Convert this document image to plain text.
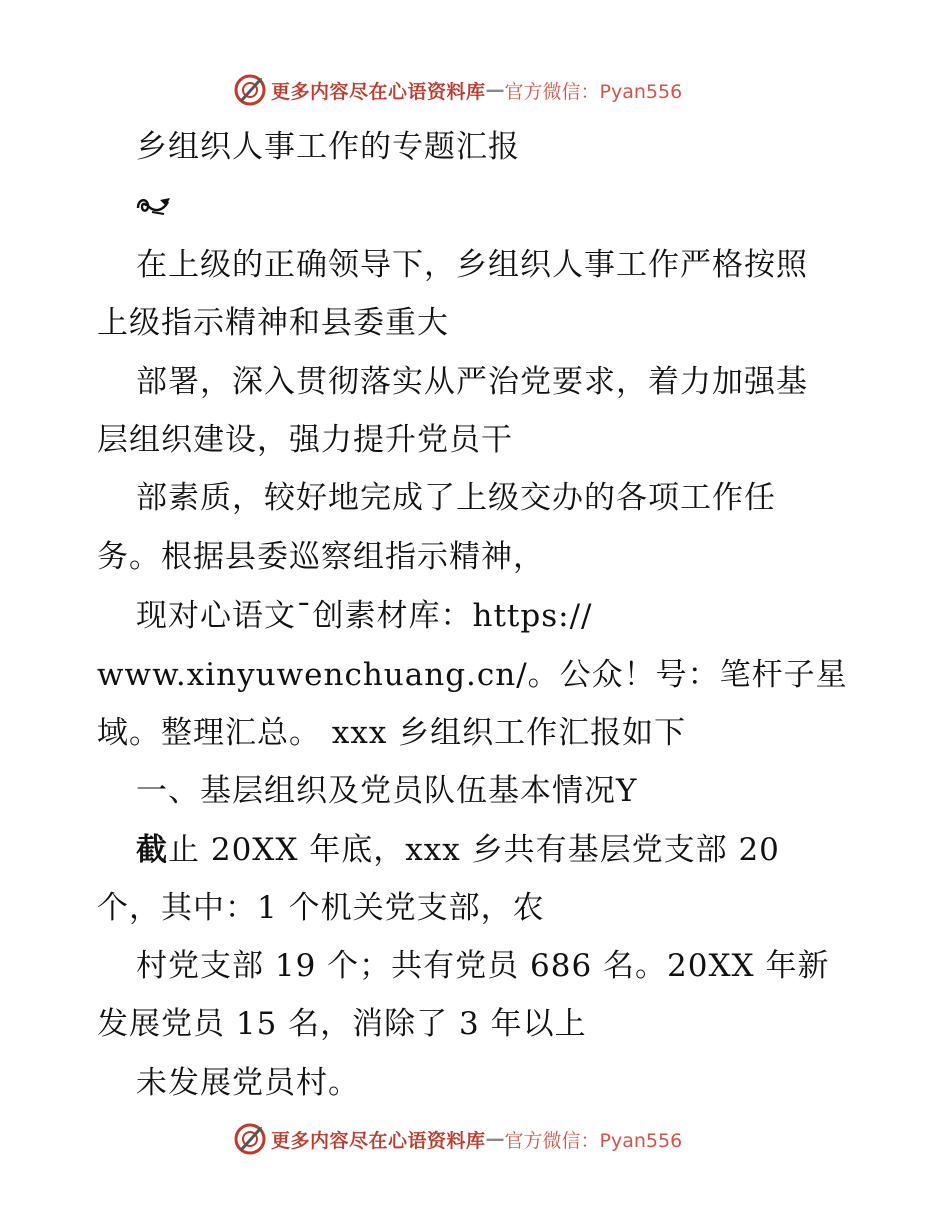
更多内容尽在心语资料库 — 官方微信：Pyan556
乡组织人事工作的专题汇报
在上级的正确领导下，乡组织人事工作严格按照
上级指示精神和县委重大
部署，深入贯彻落实从严治党要求，着力加强基
层组织建设，强力提升党员干
部素质，较好地完成了上级交办的各项工作任
务。根据县委巡察组指示精神，
现对心语文¯创素材库：https://
www.xinyuwenchuang.cn/。公众！号：笔杆子星
域。整理汇总。 xxx 乡组织工作汇报如下
一、基层组织及党员队伍基本情况Y
截止 20XX 年底，xxx 乡共有基层党支部 20
个，其中：1 个机关党支部，农
村党支部 19 个；共有党员 686 名。20XX 年新
发展党员 15 名，消除了 3 年以上
未发展党员村。
更多内容尽在心语资料库 — 官方微信：Pyan556
